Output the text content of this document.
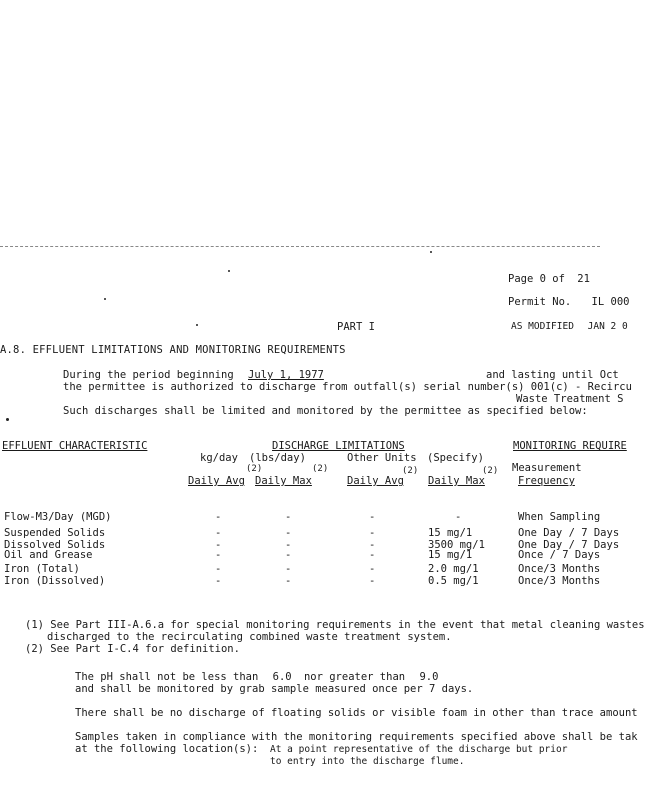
Page 0 of 21
Permit No. IL 000
AS MODIFIED JAN 2 0
PART I
A.8. EFFLUENT LIMITATIONS AND MONITORING REQUIREMENTS
During the period beginning July 1, 1977	and lasting until Oct
the permittee is authorized to discharge from outfall(s) serial number(s) 001(c) - Recircu
Waste Treatment S
Such discharges shall be limited and monitored by the permittee as specified below:
EFFLUENT CHARACTERISTIC	DISCHARGE LIMITATIONS	MONITORING REQUIRE
kg/day (lbs/day)	Other Units (Specify)
(2)	(2)	(2)	(2)
Daily Avg Daily Max	Daily Avg Daily Max
Measurement
Frequency
Flow-M3/Day (MGD)	-	-	-	-	When Sampling
Suspended Solids	-	-	-	15 mg/1	One Day / 7 Days
Dissolved Solids	-	-	-	3500 mg/1	One Day / 7 Days
Oil and Grease	-	-	-	15 mg/1	Once / 7 Days
Iron (Total)	-	-	-	2.0 mg/1	Once/3 Months
Iron (Dissolved)	-	-	-	0.5 mg/1	Once/3 Months
(1) See Part III-A.6.a for special monitoring requirements in the event that metal cleaning wastes
discharged to the recirculating combined waste treatment system.
(2) See Part I-C.4 for definition.
The pH shall not be less than 6.0 nor greater than 9.0
and shall be monitored by grab sample measured once per 7 days.
There shall be no discharge of floating solids or visible foam in other than trace amount
Samples taken in compliance with the monitoring requirements specified above shall be tak
at the following location(s): At a point representative of the discharge but prior
to entry into the discharge flume.
